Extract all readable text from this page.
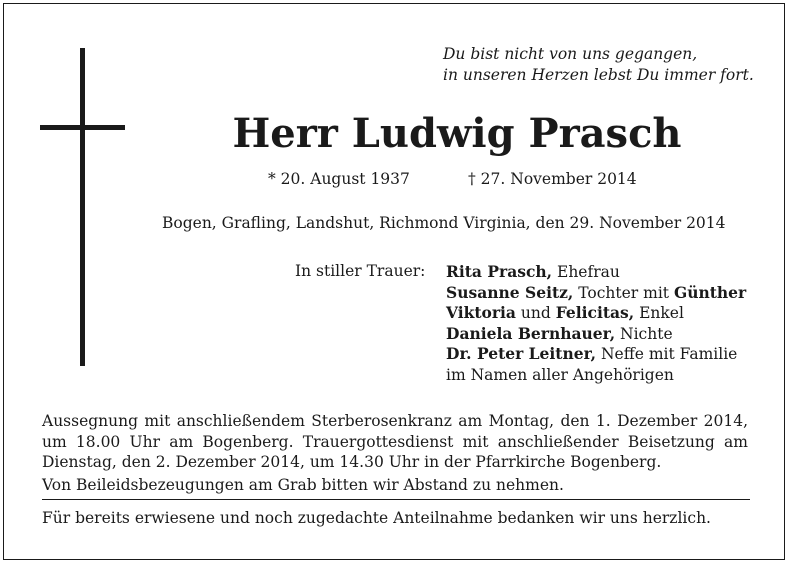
Du bist nicht von uns gegangen,
in unseren Herzen lebst Du immer fort.
Herr Ludwig Prasch
* 20. August 1937	† 27. November 2014
Bogen, Grafling, Landshut, Richmond Virginia, den 29. November 2014
In stiller Trauer: Rita Prasch, Ehefrau
Susanne Seitz, Tochter mit Günther
Viktoria und Felicitas, Enkel
Daniela Bernhauer, Nichte
Dr. Peter Leitner, Neffe mit Familie
im Namen aller Angehörigen
Aussegnung mit anschließendem Sterberosenkranz am Montag, den 1. Dezember 2014, um 18.00 Uhr am Bogenberg. Trauergottesdienst mit anschließender Beisetzung am Dienstag, den 2. Dezember 2014, um 14.30 Uhr in der Pfarrkirche Bogenberg.
Von Beileidsbezeugungen am Grab bitten wir Abstand zu nehmen.
Für bereits erwiesene und noch zugedachte Anteilnahme bedanken wir uns herzlich.
